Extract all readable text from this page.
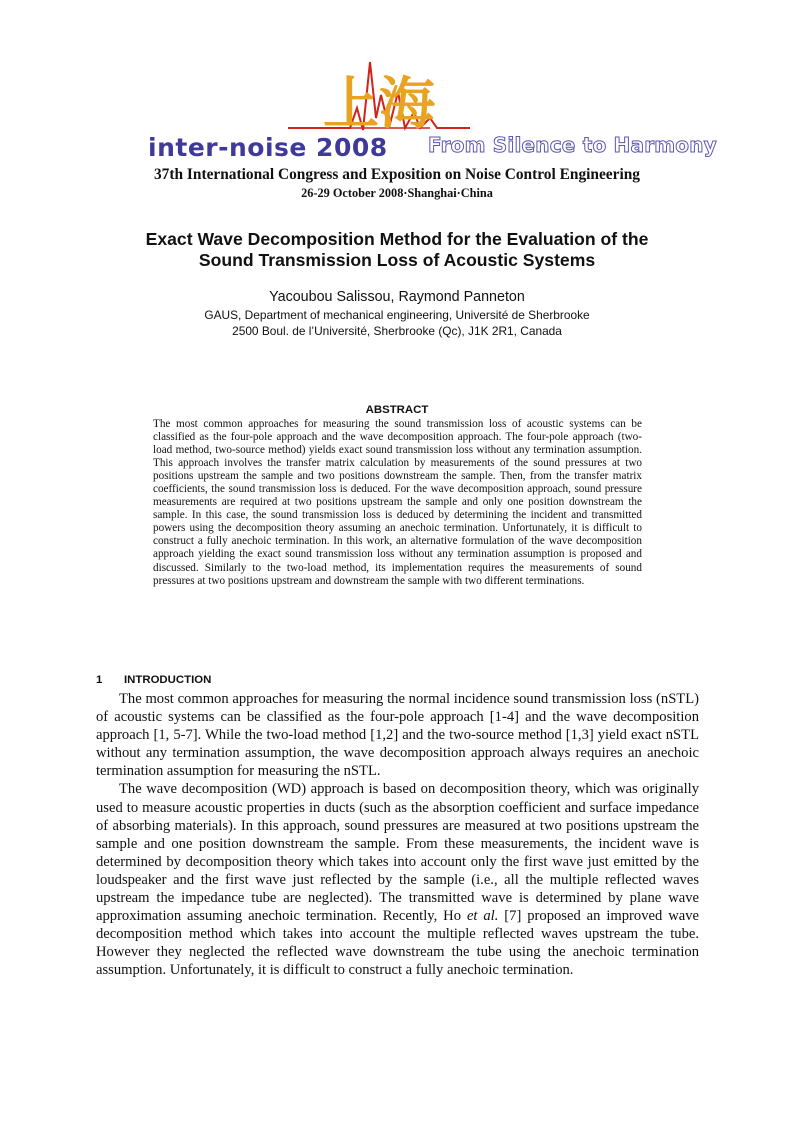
上海
inter-noise 2008 From Silence to Harmony
37th International Congress and Exposition on Noise Control Engineering
26-29 October 2008·Shanghai·China
Exact Wave Decomposition Method for the Evaluation of the
Sound Transmission Loss of Acoustic Systems
Yacoubou Salissou, Raymond Panneton
GAUS, Department of mechanical engineering, Université de Sherbrooke
2500 Boul. de l’Université, Sherbrooke (Qc), J1K 2R1, Canada
ABSTRACT
The most common approaches for measuring the sound transmission loss of acoustic systems can be classified as the four-pole approach and the wave decomposition approach. The four-pole approach (two-load method, two-source method) yields exact sound transmission loss without any termination assumption. This approach involves the transfer matrix calculation by measurements of the sound pressures at two positions upstream the sample and two positions downstream the sample. Then, from the transfer matrix coefficients, the sound transmission loss is deduced. For the wave decomposition approach, sound pressure measurements are required at two positions upstream the sample and only one position downstream the sample. In this case, the sound transmission loss is deduced by determining the incident and transmitted powers using the decomposition theory assuming an anechoic termination. Unfortunately, it is difficult to construct a fully anechoic termination. In this work, an alternative formulation of the wave decomposition approach yielding the exact sound transmission loss without any termination assumption is proposed and discussed. Similarly to the two-load method, its implementation requires the measurements of sound pressures at two positions upstream and downstream the sample with two different terminations.
1 INTRODUCTION

The most common approaches for measuring the normal incidence sound transmission loss (nSTL) of acoustic systems can be classified as the four-pole approach [1-4] and the wave decomposition approach [1, 5-7]. While the two-load method [1,2] and the two-source method [1,3] yield exact nSTL without any termination assumption, the wave decomposition approach always requires an anechoic termination assumption for measuring the nSTL.

The wave decomposition (WD) approach is based on decomposition theory, which was originally used to measure acoustic properties in ducts (such as the absorption coefficient and surface impedance of absorbing materials). In this approach, sound pressures are measured at two positions upstream the sample and one position downstream the sample. From these measurements, the incident wave is determined by decomposition theory which takes into account only the first wave just emitted by the loudspeaker and the first wave just reflected by the sample (i.e., all the multiple reflected waves upstream the impedance tube are neglected). The transmitted wave is determined by plane wave approximation assuming anechoic termination. Recently, Ho et al. [7] proposed an improved wave decomposition method which takes into account the multiple reflected waves upstream the tube. However they neglected the reflected wave downstream the tube using the anechoic termination assumption. Unfortunately, it is difficult to construct a fully anechoic termination.
